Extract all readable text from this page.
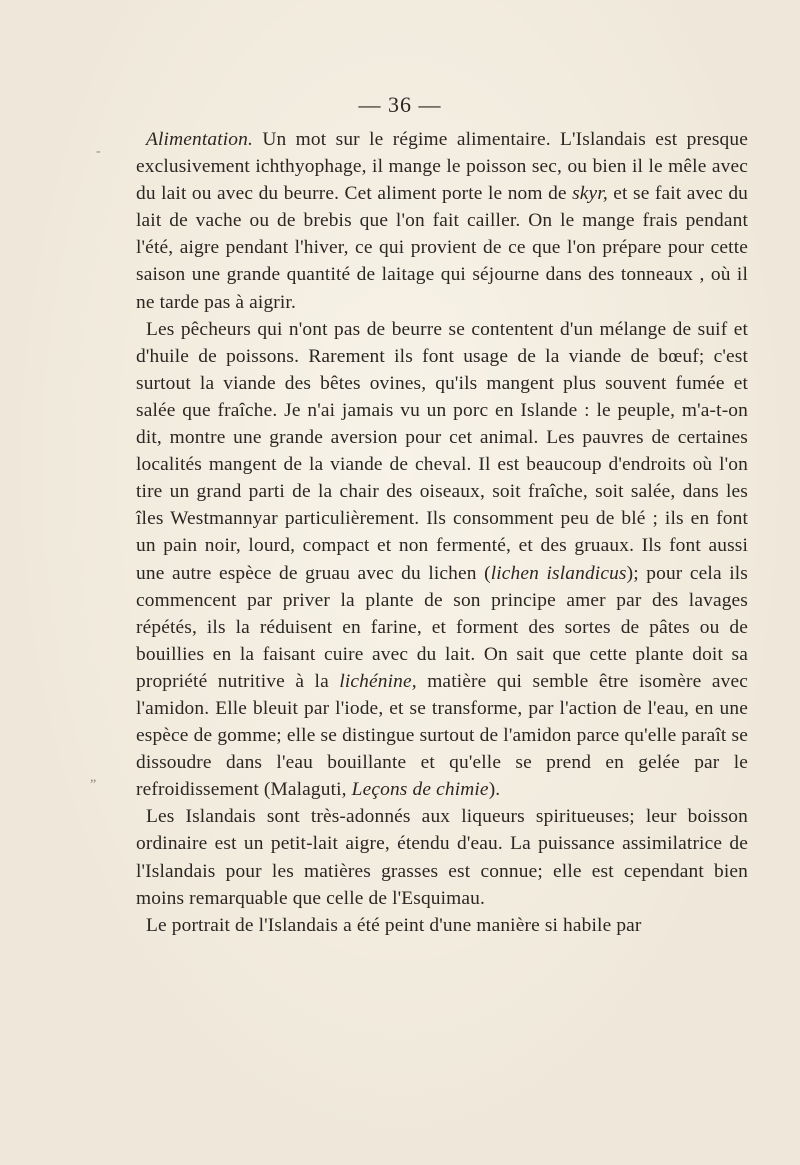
— 36 —
-
„

Alimentation. Un mot sur le régime alimentaire. L'Islandais est presque exclusivement ichthyophage, il mange le poisson sec, ou bien il le mêle avec du lait ou avec du beurre. Cet aliment porte le nom de skyr, et se fait avec du lait de vache ou de brebis que l'on fait cailler. On le mange frais pendant l'été, aigre pendant l'hiver, ce qui provient de ce que l'on prépare pour cette saison une grande quantité de laitage qui séjourne dans des tonneaux , où il ne tarde pas à aigrir.

Les pêcheurs qui n'ont pas de beurre se contentent d'un mélange de suif et d'huile de poissons. Rarement ils font usage de la viande de bœuf; c'est surtout la viande des bêtes ovines, qu'ils mangent plus souvent fumée et salée que fraîche. Je n'ai jamais vu un porc en Islande : le peuple, m'a-t-on dit, montre une grande aversion pour cet animal. Les pauvres de certaines localités mangent de la viande de cheval. Il est beaucoup d'endroits où l'on tire un grand parti de la chair des oiseaux, soit fraîche, soit salée, dans les îles Westmannyar particulièrement. Ils consomment peu de blé ; ils en font un pain noir, lourd, compact et non fermenté, et des gruaux. Ils font aussi une autre espèce de gruau avec du lichen (lichen islandicus); pour cela ils commencent par priver la plante de son principe amer par des lavages répétés, ils la réduisent en farine, et forment des sortes de pâtes ou de bouillies en la faisant cuire avec du lait. On sait que cette plante doit sa propriété nutritive à la lichénine, matière qui semble être isomère avec l'amidon. Elle bleuit par l'iode, et se transforme, par l'action de l'eau, en une espèce de gomme; elle se distingue surtout de l'amidon parce qu'elle paraît se dissoudre dans l'eau bouillante et qu'elle se prend en gelée par le refroidissement (Malaguti, Leçons de chimie).

Les Islandais sont très-adonnés aux liqueurs spiritueuses; leur boisson ordinaire est un petit-lait aigre, étendu d'eau. La puissance assimilatrice de l'Islandais pour les matières grasses est connue; elle est cependant bien moins remarquable que celle de l'Esquimau.

Le portrait de l'Islandais a été peint d'une manière si habile par
